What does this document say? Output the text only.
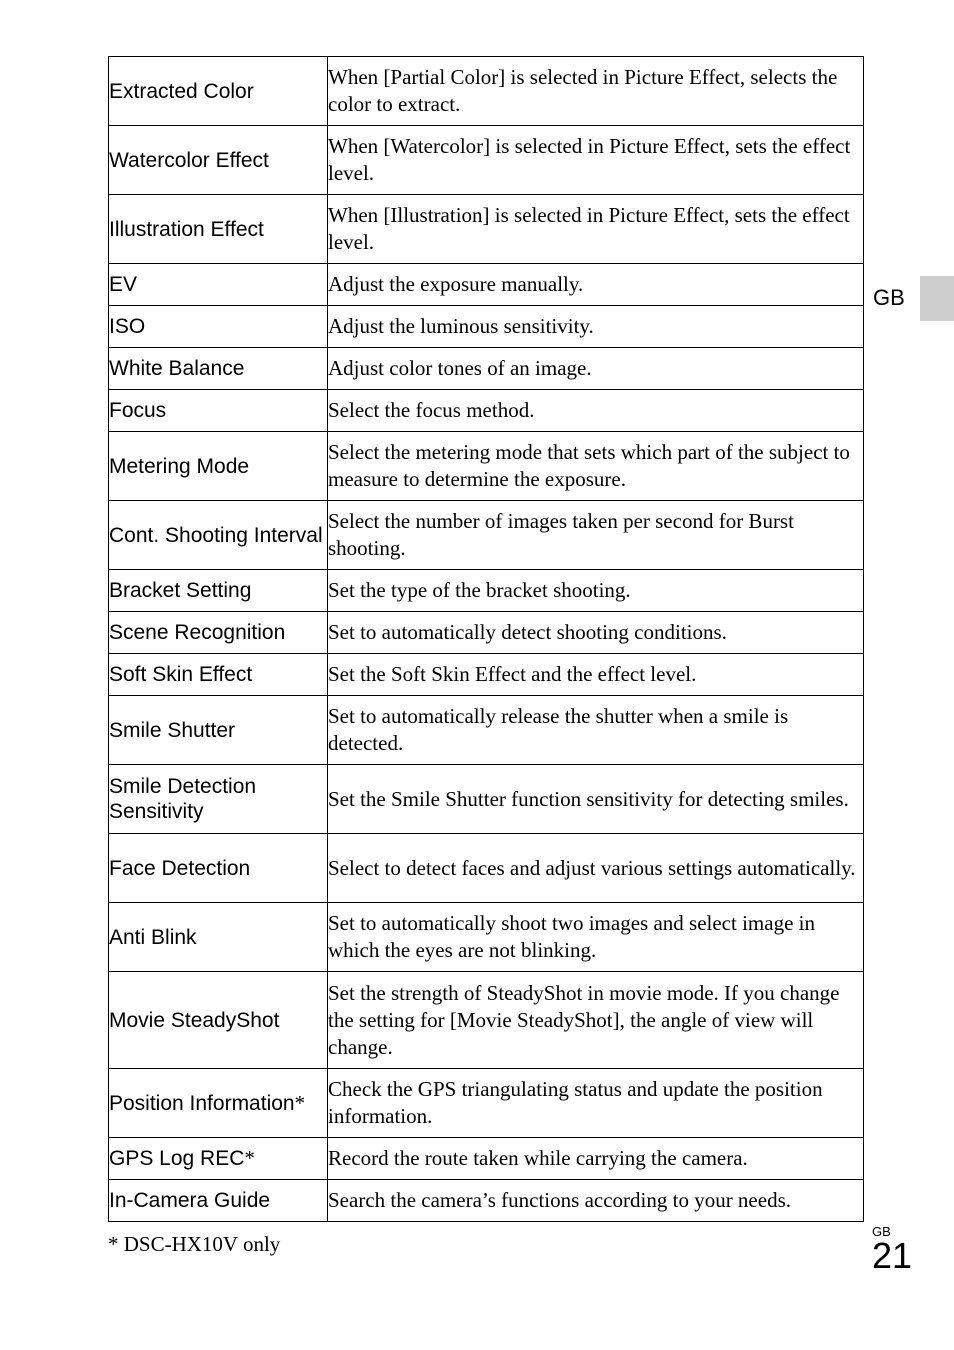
GB
Extracted Color	When [Partial Color] is selected in Picture Effect, selects the color to extract.

Watercolor Effect	When [Watercolor] is selected in Picture Effect, sets the effect level.

Illustration Effect	When [Illustration] is selected in Picture Effect, sets the effect level.

EV	Adjust the exposure manually.

ISO	Adjust the luminous sensitivity.

White Balance	Adjust color tones of an image.

Focus	Select the focus method.

Metering Mode	Select the metering mode that sets which part of the subject to measure to determine the exposure.

Cont. Shooting Interval	Select the number of images taken per second for Burst shooting.

Bracket Setting	Set the type of the bracket shooting.

Scene Recognition	Set to automatically detect shooting conditions.

Soft Skin Effect	Set the Soft Skin Effect and the effect level.

Smile Shutter	Set to automatically release the shutter when a smile is detected.

Smile Detection Sensitivity	Set the Smile Shutter function sensitivity for detecting smiles.

Face Detection	Select to detect faces and adjust various settings automatically.

Anti Blink	Set to automatically shoot two images and select image in which the eyes are not blinking.

Movie SteadyShot	Set the strength of SteadyShot in movie mode. If you change the setting for [Movie SteadyShot], the angle of view will change.

Position Information*	Check the GPS triangulating status and update the position information.

GPS Log REC*	Record the route taken while carrying the camera.

In-Camera Guide	Search the camera’s functions according to your needs.
* DSC-HX10V only
GB
21
